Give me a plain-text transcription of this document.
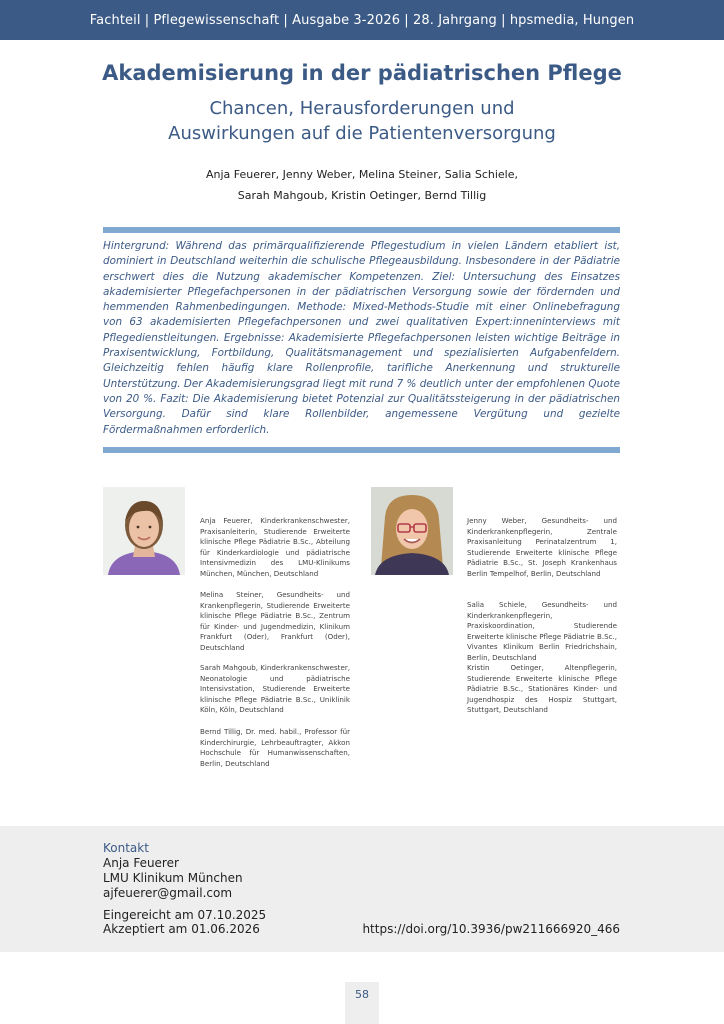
Fachteil | Pflegewissenschaft | Ausgabe 3-2026 | 28. Jahrgang | hpsmedia, Hungen
Akademisierung in der pädiatrischen Pflege
Chancen, Herausforderungen und
Auswirkungen auf die Patientenversorgung
Anja Feuerer, Jenny Weber, Melina Steiner, Salia Schiele,
Sarah Mahgoub, Kristin Oetinger, Bernd Tillig

Hintergrund: Während das primärqualifizierende Pflegestudium in vielen Ländern etabliert ist, dominiert in Deutschland weiterhin die schulische Pflegeausbildung. Insbesondere in der Pädiatrie erschwert dies die Nutzung akademischer Kompetenzen. Ziel: Untersuchung des Einsatzes akademisierter Pflegefachpersonen in der pädiatrischen Versorgung sowie der fördernden und hemmenden Rahmenbedingungen. Methode: Mixed-Methods-Studie mit einer Onlinebefragung von 63 akademisierten Pflegefachpersonen und zwei qualitativen Expert:inneninterviews mit Pflegedienstleitungen. Ergebnisse: Akademisierte Pflegefachpersonen leisten wichtige Beiträge in Praxisentwicklung, Fortbildung, Qualitätsmanagement und spezialisierten Aufgabenfeldern. Gleichzeitig fehlen häufig klare Rollenprofile, tarifliche Anerkennung und strukturelle Unterstützung. Der Akademisierungsgrad liegt mit rund 7 % deutlich unter der empfohlenen Quote von 20 %. Fazit: Die Akademisierung bietet Potenzial zur Qualitätssteigerung in der pädiatrischen Versorgung. Dafür sind klare Rollenbilder, angemessene Vergütung und gezielte Fördermaßnahmen erforderlich.

Anja Feuerer, Kinderkrankenschwester, Praxisanleiterin, Studierende Erweiterte klinische Pflege Pädiatrie B.Sc., Abteilung für Kinderkardiologie und pädiatrische Intensivmedizin des LMU-Klinikums München, München, Deutschland

Melina Steiner, Gesundheits- und Krankenpflegerin, Studierende Erweiterte klinische Pflege Pädiatrie B.Sc., Zentrum für Kinder- und Jugendmedizin, Klinikum Frankfurt (Oder), Frankfurt (Oder), Deutschland

Sarah Mahgoub, Kinderkrankenschwester, Neonatologie und pädiatrische Intensivstation, Studierende Erweiterte klinische Pflege Pädiatrie B.Sc., Uniklinik Köln, Köln, Deutschland

Bernd Tillig, Dr. med. habil., Professor für Kinderchirurgie, Lehrbeauftragter, Akkon Hochschule für Humanwissenschaften, Berlin, Deutschland

Jenny Weber, Gesundheits- und Kinderkrankenpflegerin, Zentrale Praxisanleitung Perinatalzentrum 1, Studierende Erweiterte klinische Pflege Pädiatrie B.Sc., St. Joseph Krankenhaus Berlin Tempelhof, Berlin, Deutschland

Salia Schiele, Gesundheits- und Kinderkrankenpflegerin, Praxiskoordination, Studierende Erweiterte klinische Pflege Pädiatrie B.Sc., Vivantes Klinikum Berlin Friedrichshain, Berlin, Deutschland

Kristin Oetinger, Altenpflegerin, Studierende Erweiterte klinische Pflege Pädiatrie B.Sc., Stationäres Kinder- und Jugendhospiz des Hospiz Stuttgart, Stuttgart, Deutschland

Kontakt
Anja Feuerer
LMU Klinikum München
ajfeuerer@gmail.com
Eingereicht am 07.10.2025
Akzeptiert am 01.06.2026	https://doi.org/10.3936/pw211666920_466
58
